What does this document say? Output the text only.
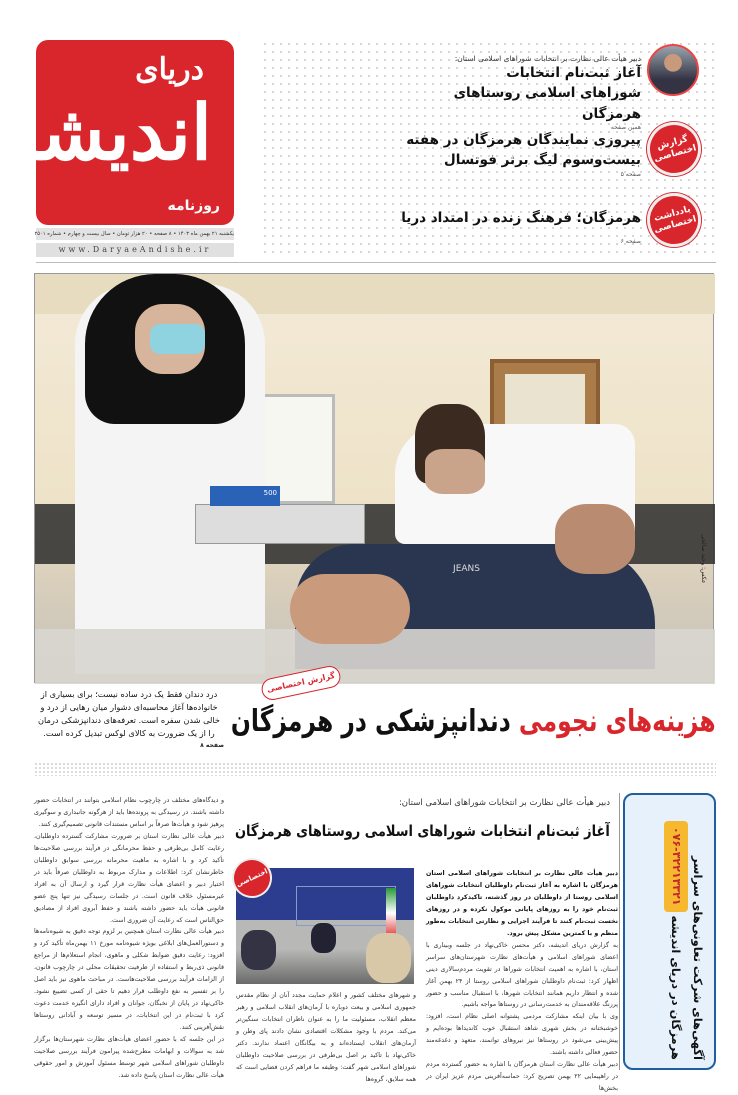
دریای
اندیشه
روزنامه
یکشنبه ۲۱ بهمن ماه ۱۴۰۳ • ۸ صفحه • ۲۰ هزار تومان • سال بیست و چهارم • شماره ۲۵۰۱
www.DaryaeAndishe.ir
دبیر هیأت عالی نظارت بر انتخابات شوراهای اسلامی استان:
آغاز ثبت‌نام انتخابات شوراهای اسلامی روستاهای هرمزگان
همین صفحه
گزارش اختصاصی
پیروزی نمایندگان هرمزگان در هفته بیست‌وسوم لیگ برتر فوتسال
صفحه ۵
یادداشت اختصاصی
هرمزگان؛ فرهنگ زنده در امتداد دریا
صفحه ۶
500
JEANS	عکس: وحید صالحی
گزارش اختصاصی
هزینه‌های نجومی دندانپزشکی در هرمزگان
درد دندان فقط یک درد ساده نیست؛ برای بسیاری از خانواده‌ها آغاز محاسبه‌ای دشوار میان رهایی از درد و خالی شدن سفره است. تعرفه‌های دندانپزشکی درمان را از یک ضرورت به کالای لوکس تبدیل کرده است.
صفحه ۸
آگهی‌های شرکت تعاونی‌های سراسر هرمزگان در دریای اندیشه ۰۷۶-۳۲۲۱۳۳۲۱
دبیر هیأت عالی نظارت بر انتخابات شوراهای اسلامی استان:
آغاز ثبت‌نام انتخابات شوراهای اسلامی روستاهای هرمزگان

دبیر هیأت عالی نظارت بر انتخابات شوراهای اسلامی استان هرمزگان با اشاره به آغاز ثبت‌نام داوطلبان انتخابات شوراهای اسلامی روستا از داوطلبان در روز گذشته، تاکیدکرد داوطلبان ثبت‌نام خود را به روزهای پایانی موکول نکرده و در روزهای نخست ثبت‌نام کنند تا فرآیند اجرایی و نظارتی انتخابات به‌طور منظم و با کمترین مشکل پیش برود.

به گزارش دریای اندیشه، دکتر محسن خاکی‌نهاد در جلسه وبیناری با اعضای شوراهای اسلامی و هیأت‌های نظارت شهرستان‌های سراسر استان، با اشاره به اهمیت انتخابات شوراها در تقویت مردم‌سالاری دینی اظهار کرد: ثبت‌نام داوطلبان شوراهای اسلامی روستا از ۲۴ بهمن آغاز شده و انتظار داریم همانند انتخابات شهرها، با استقبال مناسب و حضور پررنگ علاقه‌مندان به خدمت‌رسانی در روستاها مواجه باشیم.

وی با بیان اینکه مشارکت مردمی پشتوانه اصلی نظام است، افزود: خوشبختانه در بخش شهری شاهد استقبال خوب کاندیداها بوده‌ایم و پیش‌بینی می‌شود در روستاها نیز نیروهای توانمند، متعهد و دغدغه‌مند حضور فعالی داشته باشند.

دبیر هیأت عالی نظارت استان هرمزگان با اشاره به حضور گسترده مردم در راهپیمایی ۲۲ بهمن تصریح کرد: حماسه‌آفرینی مردم عزیز ایران در بخش‌ها

اختصاصی
و شهرهای مختلف کشور و اعلام حمایت مجدد آنان از نظام مقدس جمهوری اسلامی و بیعت دوباره با آرمان‌های انقلاب اسلامی و رهبر معظم انقلاب، مسئولیت ما را به عنوان ناظران انتخابات سنگین‌تر می‌کند. مردم با وجود مشکلات اقتصادی نشان دادند پای وطن و آرمان‌های انقلاب ایستاده‌اند و به بیگانگان اعتماد ندارند. دکتر خاکی‌نهاد با تاکید بر اصل بی‌طرفی در بررسی صلاحیت داوطلبان شوراهای اسلامی شهر گفت: وظیفه ما فراهم کردن فضایی است که همه سلایق، گروه‌ها

و دیدگاه‌های مختلف در چارچوب نظام اسلامی بتوانند در انتخابات حضور داشته باشند. در رسیدگی به پرونده‌ها باید از هرگونه جانبداری و سوگیری پرهیز شود و هیأت‌ها صرفاً بر اساس مستندات قانونی تصمیم‌گیری کنند.

دبیر هیأت عالی نظارت استان بر ضرورت مشارکت گسترده داوطلبان، رعایت کامل بی‌طرفی و حفظ محرمانگی در فرآیند بررسی صلاحیت‌ها تأکید کرد و با اشاره به ماهیت محرمانه بررسی سوابق داوطلبان خاطرنشان کرد: اطلاعات و مدارک مربوط به داوطلبان صرفاً باید در اختیار دبیر و اعضای هیأت نظارت قرار گیرد و ارسال آن به افراد غیرمسئول خلاف قانون است. در جلسات رسیدگی نیز تنها پنج عضو قانونی هیأت باید حضور داشته باشند و حفظ آبروی افراد از مصادیق حق‌الناس است که رعایت آن ضروری است.

دبیر هیأت عالی نظارت استان همچنین بر لزوم توجه دقیق به شیوه‌نامه‌ها و دستورالعمل‌های ابلاغی بویژه شیوه‌نامه مورخ ۱۱ بهمن‌ماه تأکید کرد و افزود: رعایت دقیق ضوابط شکلی و ماهوی، انجام استعلام‌ها از مراجع قانونی ذی‌ربط و استفاده از ظرفیت تحقیقات محلی در چارچوب قانون، از الزامات فرآیند بررسی صلاحیت‌هاست. در مباحث ماهوی نیز باید اصل را بر تفسیر به نفع داوطلب قرار دهیم تا حقی از کسی تضییع نشود. خاکی‌نهاد در پایان از نخبگان، جوانان و افراد دارای انگیزه خدمت دعوت کرد با ثبت‌نام در این انتخابات، در مسیر توسعه و آبادانی روستاها نقش‌آفرینی کنند.

در این جلسه که با حضور اعضای هیأت‌های نظارت شهرستان‌ها برگزار شد به سوالات و ابهامات مطرح‌شده پیرامون فرآیند بررسی صلاحیت داوطلبان شوراهای اسلامی شهر توسط مسئول آموزش و امور حقوقی هیأت عالی نظارت استان پاسخ داده شد.
